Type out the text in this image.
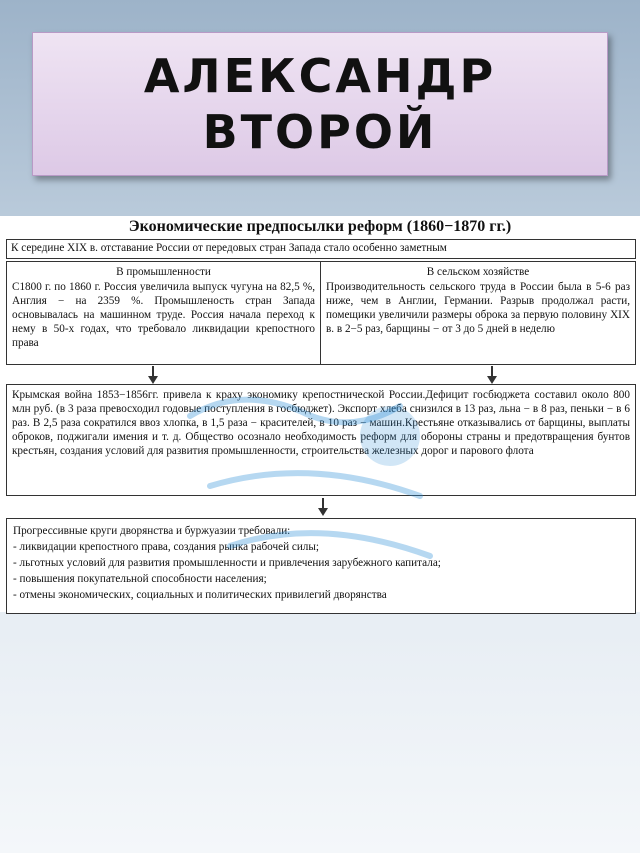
АЛЕКСАНДР ВТОРОЙ
Экономические предпосылки реформ (1860−1870 гг.)
К середине XIX в. отставание России от передовых стран Запада стало особенно заметным
В промышленности
С1800 г. по 1860 г. Россия увеличила выпуск чугуна на 82,5 %, Англия − на 2359 %. Промышленость стран Запада основывалась на машинном труде. Россия начала переход к нему в 50-х годах, что требовало ликвидации крепостного права
В сельском хозяйстве
Производительность сельского труда в России была в 5-6 раз ниже, чем в Англии, Германии. Разрыв продолжал расти, помещики увеличили размеры оброка за первую половину XIX в. в 2−5 раз, барщины − от 3 до 5 дней в неделю
Крымская война 1853−1856гг. привела к краху экономику крепостнической России.Дефицит госбюджета составил около 800 млн руб. (в 3 раза превосходил годовые поступления в госбюджет). Экспорт хлеба снизился в 13 раз, льна − в 8 раз, пеньки − в 6 раз. В 2,5 раза сократился ввоз хлопка, в 1,5 раза − красителей, в 10 раз − машин.Крестьяне отказывались от барщины, выплаты оброков, поджигали имения и т. д. Общество осознало необходимость реформ для обороны страны и предотвращения бунтов крестьян, создания условий для развития промышленности, строительства железных дорог и парового флота
Прогрессивные круги дворянства и буржуазии требовали:
- ликвидации крепостного права, создания рынка рабочей силы;
- льготных условий для развития промышленности и привлечения зарубежного капитала;
- повышения покупательной способности населения;
- отмены экономических, социальных и политических привилегий дворянства
